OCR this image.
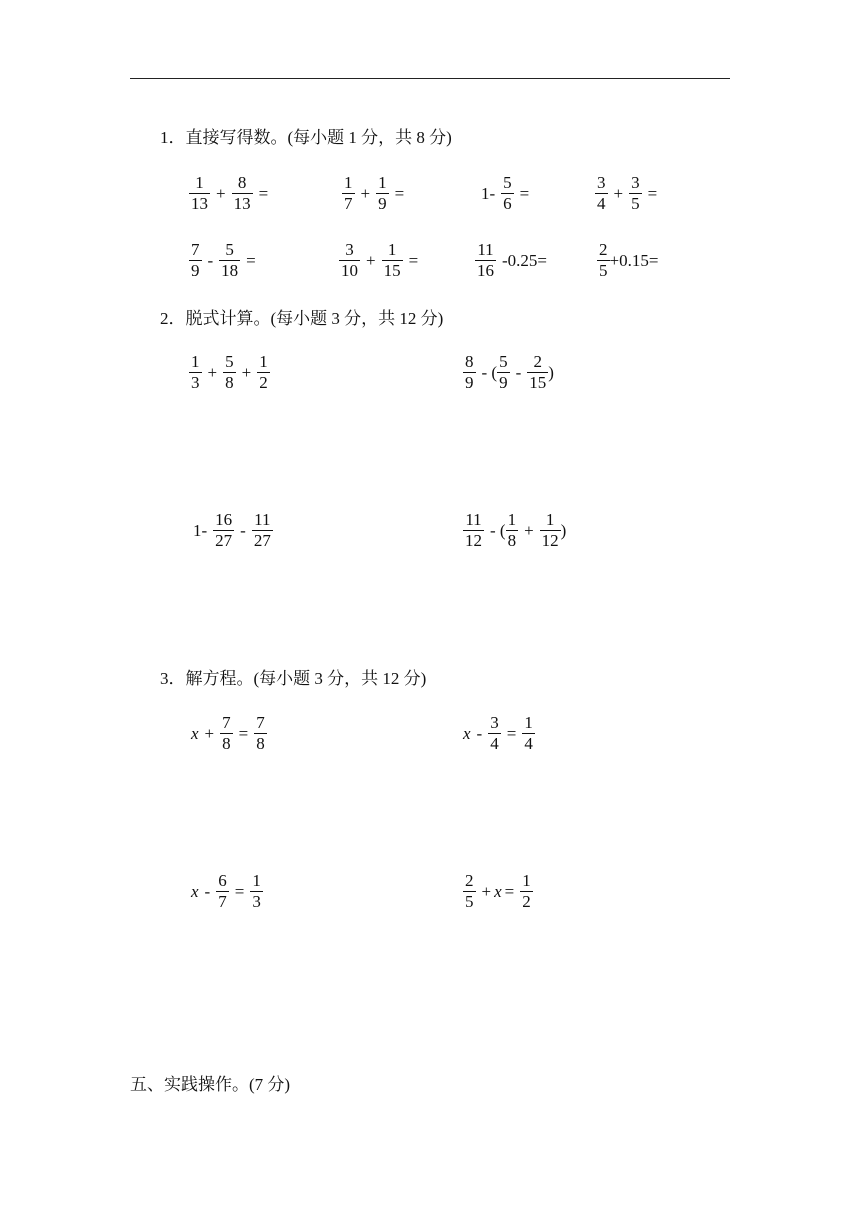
1．直接写得数。(每小题 1 分，共 8 分)
$\frac{1}{13} + \frac{8}{13}$ =	$\frac{1}{7} + \frac{1}{9}$ =	$1- \frac{5}{6}$ =	$\frac{3}{4} + \frac{3}{5}$ =
$\frac{7}{9} - \frac{5}{18}$ =	$\frac{3}{10} + \frac{1}{15}$ =	$\frac{11}{16} -0.25=$	$\frac{2}{5} +0.15=$
2．脱式计算。(每小题 3 分，共 12 分)
$\frac{1}{3} + \frac{5}{8} + \frac{1}{2}$	$\frac{8}{9}$ - ( $\frac{5}{9} - \frac{2}{15}$ )
$1- \frac{16}{27} - \frac{11}{27}$	$\frac{11}{12}$ - ( $\frac{1}{8} + \frac{1}{12}$ )
3．解方程。(每小题 3 分，共 12 分)
$x + \frac{7}{8} = \frac{7}{8}$	$x - \frac{3}{4} = \frac{1}{4}$
$x - \frac{6}{7} = \frac{1}{3}$	$\frac{2}{5} + x = \frac{1}{2}$
五、实践操作。(7 分)
